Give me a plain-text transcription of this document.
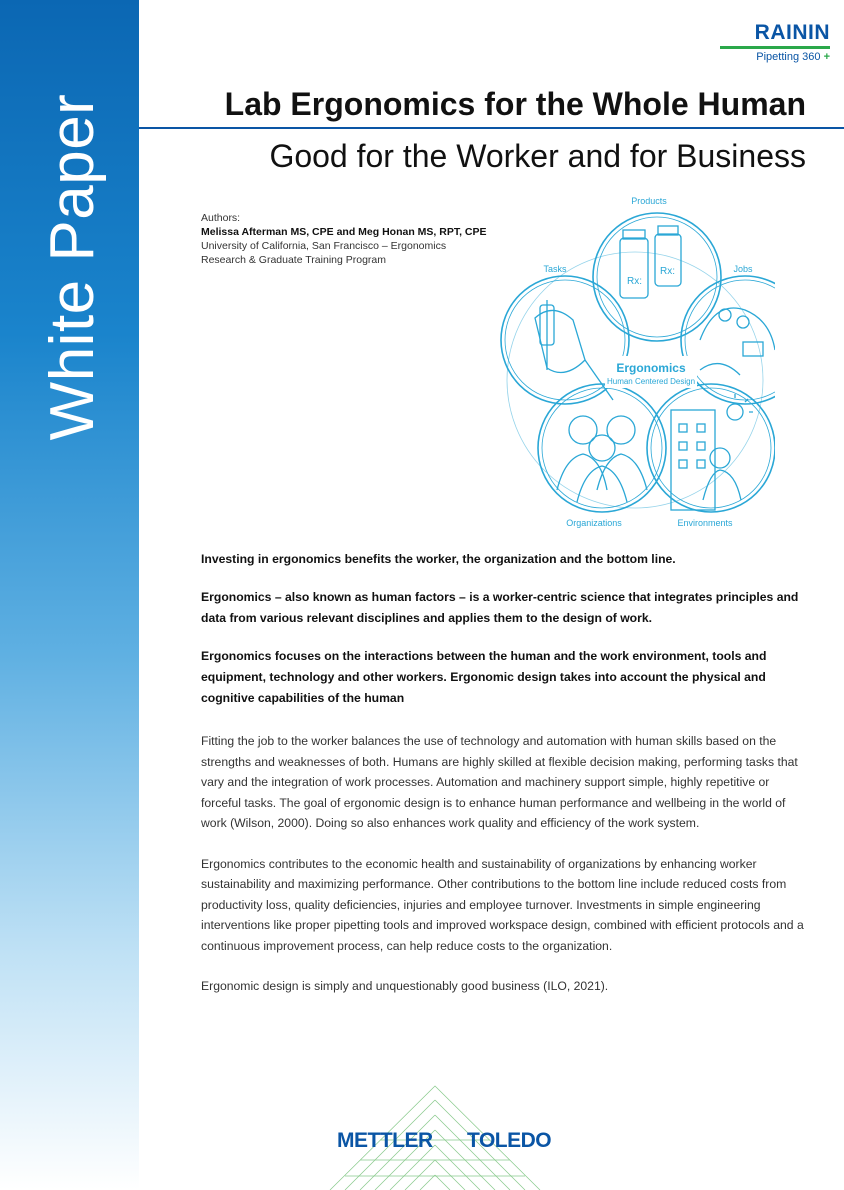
White Paper
RAININ
Pipetting 360 +
Lab Ergonomics for the Whole Human
Good for the Worker and for Business
Authors:
Melissa Afterman MS, CPE and Meg Honan MS, RPT, CPE
University of California, San Francisco – Ergonomics
Research & Graduate Training Program
Rx:
Rx:
Ergonomics
Human Centered Design
Products
Tasks	Jobs
Organizations	Environments

Investing in ergonomics benefits the worker, the organization and the bottom line.

Ergonomics – also known as human factors – is a worker-centric science that integrates principles and data from various relevant disciplines and applies them to the design of work.

Ergonomics focuses on the interactions between the human and the work environment, tools and equipment, technology and other workers. Ergonomic design takes into account the physical and cognitive capabilities of the human

Fitting the job to the worker balances the use of technology and automation with human skills based on the strengths and weaknesses of both. Humans are highly skilled at flexible decision making, performing tasks that vary and the integration of work processes. Automation and machinery support simple, highly repetitive or forceful tasks. The goal of ergonomic design is to enhance human performance and wellbeing in the world of work (Wilson, 2000). Doing so also enhances work quality and efficiency of the work system.

Ergonomics contributes to the economic health and sustainability of organizations by enhancing worker sustainability and maximizing performance. Other contributions to the bottom line include reduced costs from productivity loss, quality deficiencies, injuries and employee turnover. Investments in simple engineering interventions like proper pipetting tools and improved workspace design, combined with efficient protocols and a continuous improvement process, can help reduce costs to the organization.

Ergonomic design is simply and unquestionably good business (ILO, 2021).

METTLER TOLEDO
